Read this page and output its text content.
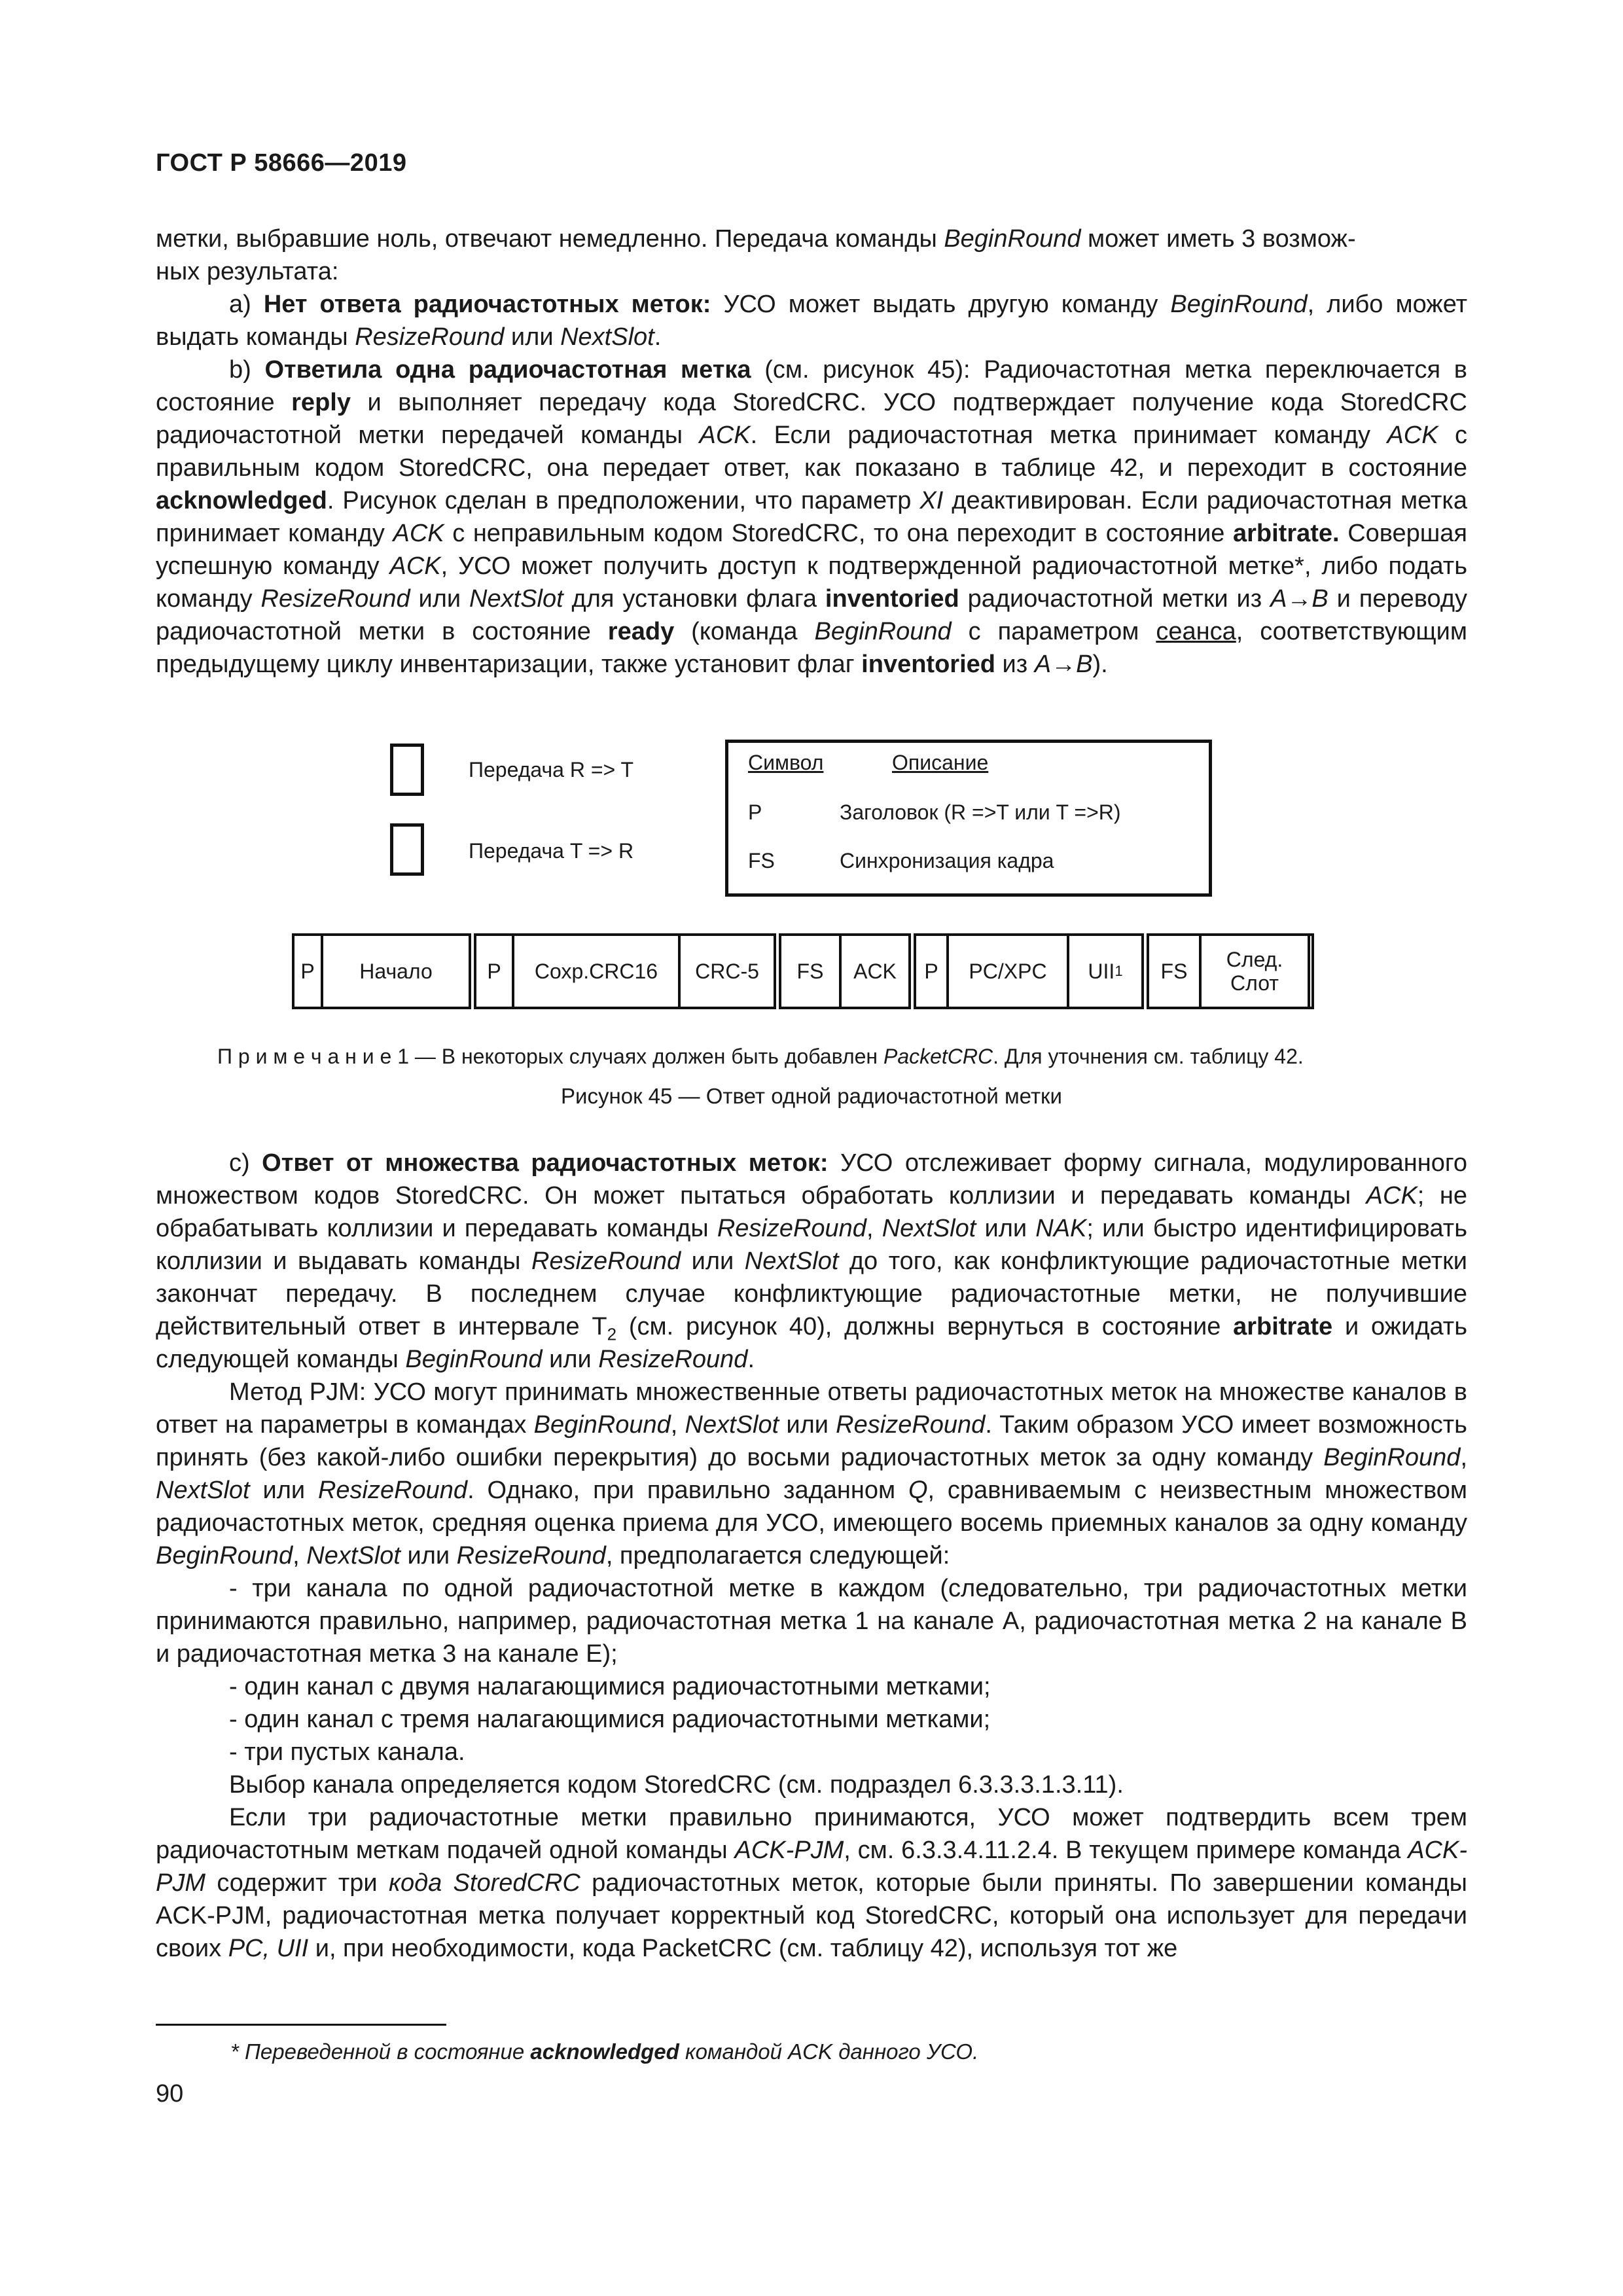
ГОСТ Р 58666—2019

метки, выбравшие ноль, отвечают немедленно. Передача команды BeginRound может иметь 3 возмож-
ных результата:

а) Нет ответа радиочастотных меток: УСО может выдать другую команду BeginRound, либо может выдать команды ResizeRound или NextSlot.

b) Ответила одна радиочастотная метка (см. рисунок 45): Радиочастотная метка переключается в состояние reply и выполняет передачу кода StoredCRC. УСО подтверждает получение кода StoredCRC радиочастотной метки передачей команды ACK. Если радиочастотная метка принимает команду ACK с правильным кодом StoredCRC, она передает ответ, как показано в таблице 42, и переходит в состояние acknowledged. Рисунок сделан в предположении, что параметр XI деактивирован. Если радиочастотная метка принимает команду ACK с неправильным кодом StoredCRC, то она переходит в состояние arbitrate. Совершая успешную команду ACK, УСО может получить доступ к подтвержденной радиочастотной метке*, либо подать команду ResizeRound или NextSlot для установки флага inventoried радиочастотной метки из A→B и переводу радиочастотной метки в состояние ready (команда BeginRound с параметром сеанса, соответствующим предыдущему циклу инвентаризации, также установит флаг inventoried из A→B).

Передача R => T
Передача T => R
Символ	Описание
P	Заголовок (R =>T или T =>R)
FS	Синхронизация кадра
P	Начало	P	Сохр.CRC16	CRC-5	FS	ACK	P	PC/XPC	UII 1	FS	След.
Слот
П р и м е ч а н и е 1 — В некоторых случаях должен быть добавлен PacketCRC. Для уточнения см. таблицу 42.
Рисунок 45 — Ответ одной радиочастотной метки

с) Ответ от множества радиочастотных меток: УСО отслеживает форму сигнала, модулированного множеством кодов StoredCRC. Он может пытаться обработать коллизии и передавать команды ACK; не обрабатывать коллизии и передавать команды ResizeRound, NextSlot или NAK; или быстро идентифицировать коллизии и выдавать команды ResizeRound или NextSlot до того, как конфликтующие радиочастотные метки закончат передачу. В последнем случае конфликтующие радиочастотные метки, не получившие действительный ответ в интервале $T_2$ (см. рисунок 40), должны вернуться в состояние arbitrate и ожидать следующей команды BeginRound или ResizeRound.

Метод PJM: УСО могут принимать множественные ответы радиочастотных меток на множестве каналов в ответ на параметры в командах BeginRound, NextSlot или ResizeRound. Таким образом УСО имеет возможность принять (без какой-либо ошибки перекрытия) до восьми радиочастотных меток за одну команду BeginRound, NextSlot или ResizeRound. Однако, при правильно заданном Q, сравниваемым с неизвестным множеством радиочастотных меток, средняя оценка приема для УСО, имеющего восемь приемных каналов за одну команду BeginRound, NextSlot или ResizeRound, предполагается следующей:

- три канала по одной радиочастотной метке в каждом (следовательно, три радиочастотных метки принимаются правильно, например, радиочастотная метка 1 на канале А, радиочастотная метка 2 на канале В и радиочастотная метка 3 на канале Е);

- один канал с двумя налагающимися радиочастотными метками;

- один канал с тремя налагающимися радиочастотными метками;

- три пустых канала.

Выбор канала определяется кодом StoredCRC (см. подраздел 6.3.3.3.1.3.11).

Если три радиочастотные метки правильно принимаются, УСО может подтвердить всем трем радиочастотным меткам подачей одной команды ACK-PJM, см. 6.3.3.4.11.2.4. В текущем примере команда ACK-PJM содержит три кода StoredCRC радиочастотных меток, которые были приняты. По завершении команды ACK-PJM, радиочастотная метка получает корректный код StoredCRC, который она использует для передачи своих PC, UII и, при необходимости, кода PacketCRC (см. таблицу 42), используя тот же

* Переведенной в состояние acknowledged командой ACK данного УСО.
90
